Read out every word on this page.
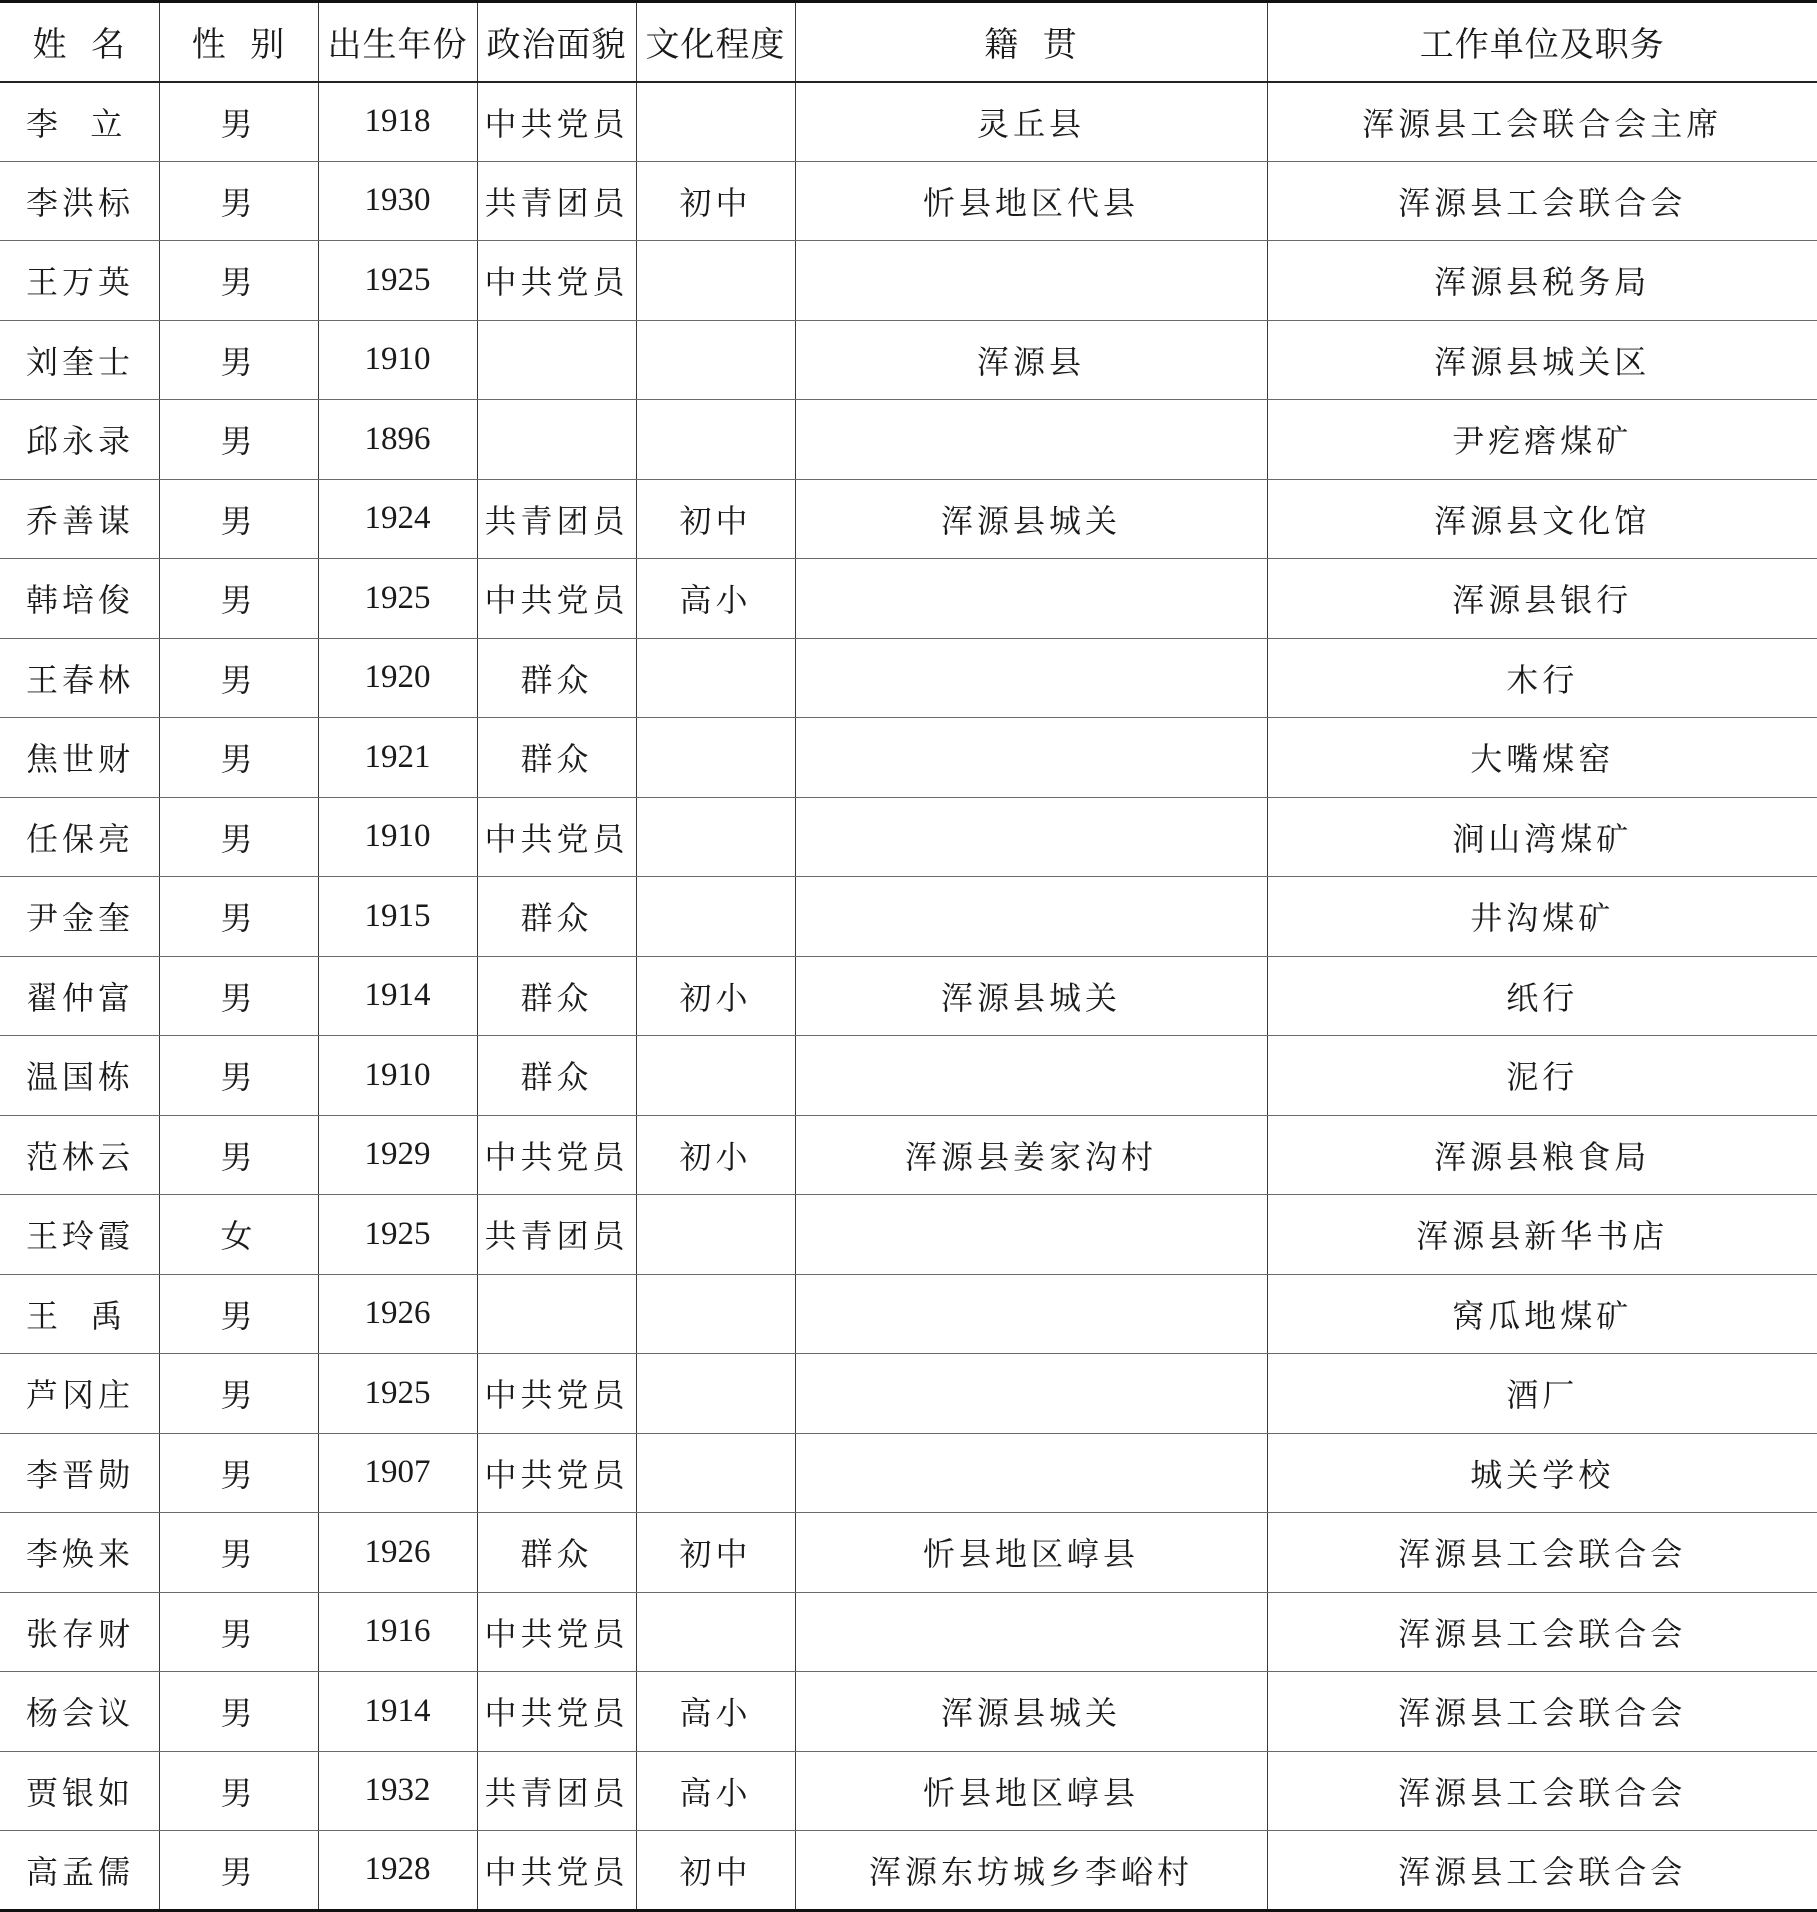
姓  名	性  别	出生年份	政治面貌	文化程度	籍  贯	工作单位及职务
李  立	男	1918	中共党员		灵丘县	浑源县工会联合会主席
李洪标	男	1930	共青团员	初中	忻县地区代县	浑源县工会联合会
王万英	男	1925	中共党员			浑源县税务局
刘奎士	男	1910			浑源县	浑源县城关区
邱永录	男	1896				尹疙瘩煤矿
乔善谋	男	1924	共青团员	初中	浑源县城关	浑源县文化馆
韩培俊	男	1925	中共党员	高小		浑源县银行
王春林	男	1920	群众			木行
焦世财	男	1921	群众			大嘴煤窑
任保亮	男	1910	中共党员			涧山湾煤矿
尹金奎	男	1915	群众			井沟煤矿
翟仲富	男	1914	群众	初小	浑源县城关	纸行
温国栋	男	1910	群众			泥行
范林云	男	1929	中共党员	初小	浑源县姜家沟村	浑源县粮食局
王玲霞	女	1925	共青团员			浑源县新华书店
王  禹	男	1926				窝瓜地煤矿
芦冈庄	男	1925	中共党员			酒厂
李晋勋	男	1907	中共党员			城关学校
李焕来	男	1926	群众	初中	忻县地区崞县	浑源县工会联合会
张存财	男	1916	中共党员			浑源县工会联合会
杨会议	男	1914	中共党员	高小	浑源县城关	浑源县工会联合会
贾银如	男	1932	共青团员	高小	忻县地区崞县	浑源县工会联合会
高孟儒	男	1928	中共党员	初中	浑源东坊城乡李峪村	浑源县工会联合会
